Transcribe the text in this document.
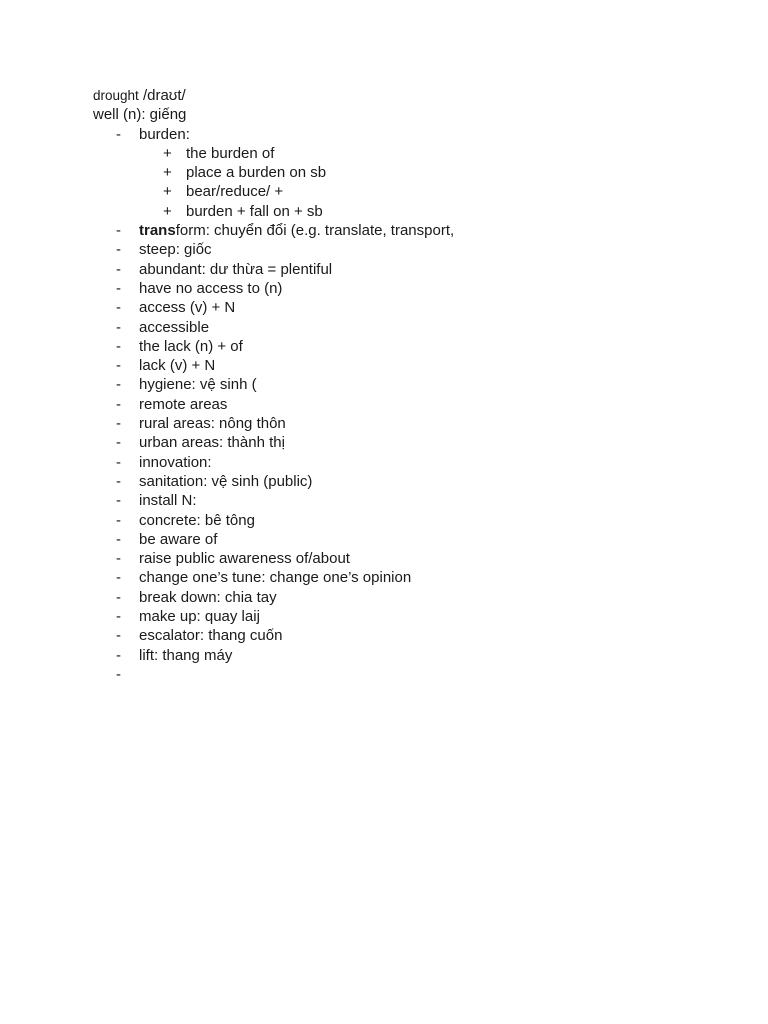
drought /draʊt/
well (n): giếng
- burden:
+ the burden of
+ place a burden on sb
+ bear/reduce/ +
+ burden + fall on + sb
- transform: chuyển đổi (e.g. translate, transport,
- steep: giốc
- abundant: dư thừa = plentiful
- have no access to (n)
- access (v) + N
- accessible
- the lack (n) + of
- lack (v) + N
- hygiene: vệ sinh (
- remote areas
- rural areas: nông thôn
- urban areas: thành thị
- innovation:
- sanitation: vệ sinh (public)
- install N:
- concrete: bê tông
- be aware of
- raise public awareness of/about
- change one’s tune: change one’s opinion
- break down: chia tay
- make up: quay laij
- escalator: thang cuốn
- lift: thang máy
-
